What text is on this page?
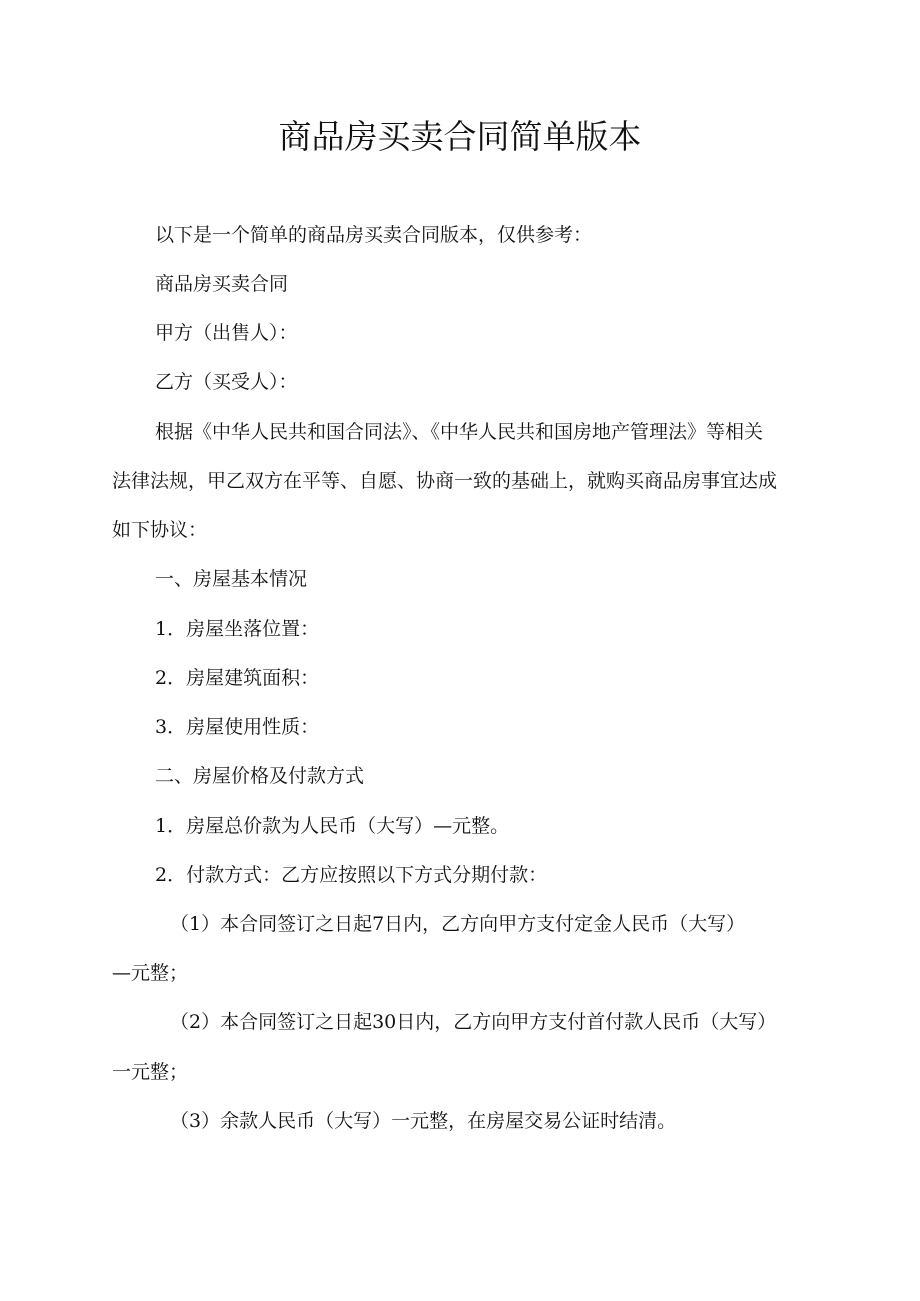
商品房买卖合同简单版本

以下是一个简单的商品房买卖合同版本，仅供参考：

商品房买卖合同

甲方（出售人）：

乙方（买受人）：

根据《中华人民共和国合同法》、《中华人民共和国房地产管理法》等相关

法律法规，甲乙双方在平等、自愿、协商一致的基础上，就购买商品房事宜达成

如下协议：

一、房屋基本情况

1．房屋坐落位置：

2．房屋建筑面积：

3．房屋使用性质：

二、房屋价格及付款方式

1．房屋总价款为人民币（大写）—元整。

2．付款方式：乙方应按照以下方式分期付款：

（1）本合同签订之日起7日内，乙方向甲方支付定金人民币（大写）

—元整；

（2）本合同签订之日起30日内，乙方向甲方支付首付款人民币（大写）

一元整；

（3）余款人民币（大写）一元整，在房屋交易公证时结清。
